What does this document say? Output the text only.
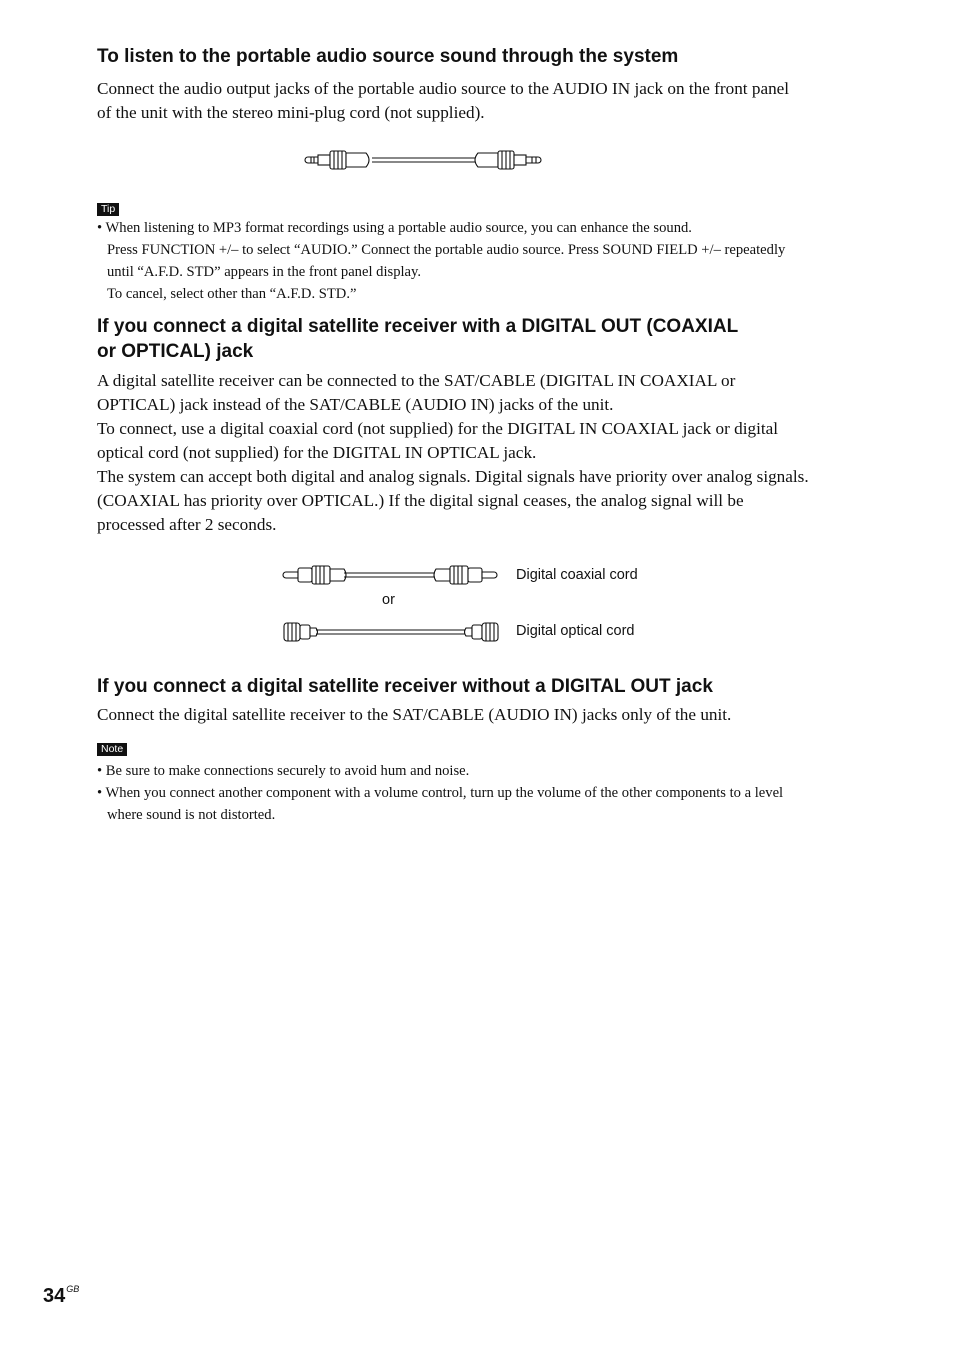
To listen to the portable audio source sound through the system

Connect the audio output jacks of the portable audio source to the AUDIO IN jack on the front panel

of the unit with the stereo mini-plug cord (not supplied).

Tip

• When listening to MP3 format recordings using a portable audio source, you can enhance the sound.

Press FUNCTION +/– to select “AUDIO.” Connect the portable audio source. Press SOUND FIELD +/– repeatedly

until “A.F.D. STD” appears in the front panel display.

To cancel, select other than “A.F.D. STD.”

If you connect a digital satellite receiver with a DIGITAL OUT (COAXIAL
or OPTICAL) jack

A digital satellite receiver can be connected to the SAT/CABLE (DIGITAL IN COAXIAL or

OPTICAL) jack instead of the SAT/CABLE (AUDIO IN) jacks of the unit.

To connect, use a digital coaxial cord (not supplied) for the DIGITAL IN COAXIAL jack or digital

optical cord (not supplied) for the DIGITAL IN OPTICAL jack.

The system can accept both digital and analog signals. Digital signals have priority over analog signals.

(COAXIAL has priority over OPTICAL.) If the digital signal ceases, the analog signal will be

processed after 2 seconds.

Digital coaxial cord
or
Digital optical cord
If you connect a digital satellite receiver without a DIGITAL OUT jack

Connect the digital satellite receiver to the SAT/CABLE (AUDIO IN) jacks only of the unit.

Note

• Be sure to make connections securely to avoid hum and noise.

• When you connect another component with a volume control, turn up the volume of the other components to a level

where sound is not distorted.

$34^{GB}$
